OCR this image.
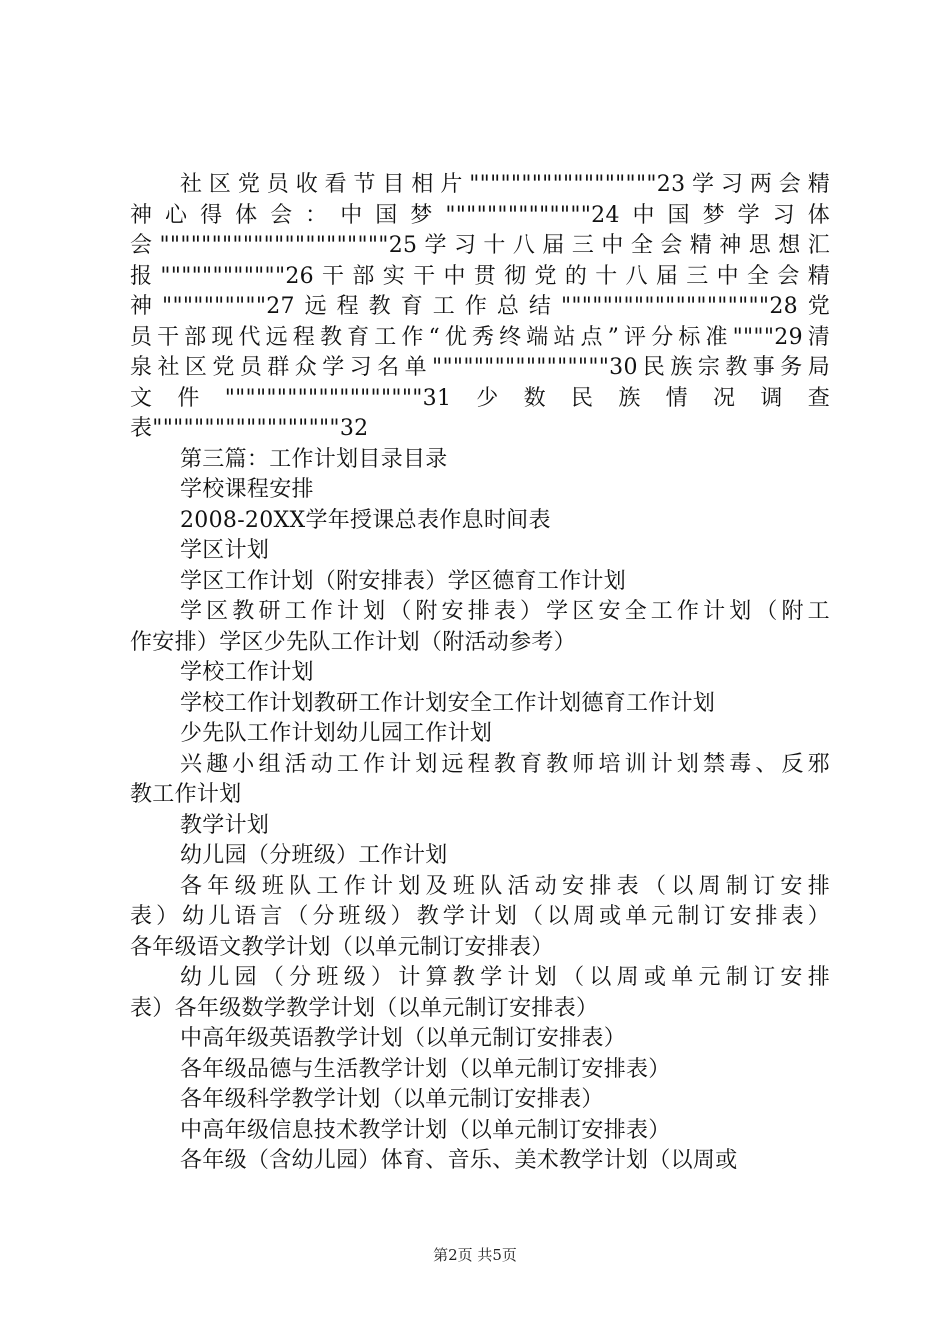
社区党员收看节目相片""""""""""""""""""23学习两会精
神心得体会：中国梦""""""""""""""24中国梦学习体
会""""""""""""""""""""""25学习十八届三中全会精神思想汇
报""""""""""""26干部实干中贯彻党的十八届三中全会精
神""""""""""27远程教育工作总结""""""""""""""""""""28党
员干部现代远程教育工作“优秀终端站点”评分标准""""29清
泉社区党员群众学习名单"""""""""""""""""30民族宗教事务局
文件"""""""""""""""""""31少数民族情况调查
表""""""""""""""""""32

第三篇：工作计划目录目录

学校课程安排

2008-20XX学年授课总表作息时间表

学区计划

学区工作计划（附安排表）学区德育工作计划

学区教研工作计划（附安排表）学区安全工作计划（附工
作安排）学区少先队工作计划（附活动参考）

学校工作计划

学校工作计划教研工作计划安全工作计划德育工作计划

少先队工作计划幼儿园工作计划

兴趣小组活动工作计划远程教育教师培训计划禁毒、反邪
教工作计划

教学计划

幼儿园（分班级）工作计划

各年级班队工作计划及班队活动安排表（以周制订安排
表）幼儿语言（分班级）教学计划（以周或单元制订安排表）
各年级语文教学计划（以单元制订安排表）
幼儿园（分班级）计算教学计划（以周或单元制订安排
表）各年级数学教学计划（以单元制订安排表）

中高年级英语教学计划（以单元制订安排表）

各年级品德与生活教学计划（以单元制订安排表）

各年级科学教学计划（以单元制订安排表）

中高年级信息技术教学计划（以单元制订安排表）

各年级（含幼儿园）体育、音乐、美术教学计划（以周或

第2页 共5页
